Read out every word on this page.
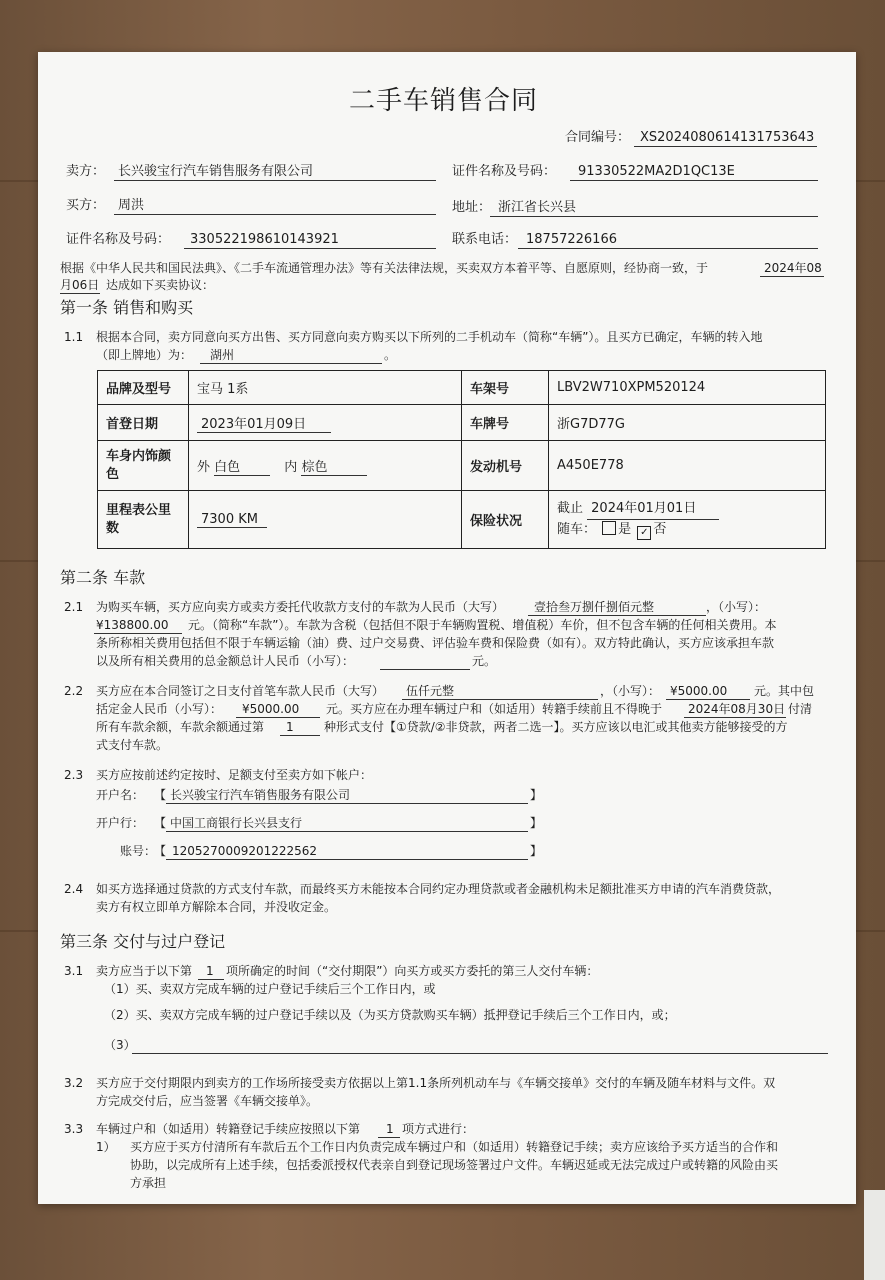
二手车销售合同
合同编号： XS2024080614131753643
卖方： 长兴骏宝行汽车销售服务有限公司	证件名称及号码： 91330522MA2D1QC13E
买方： 周洪	地址： 浙江省长兴县
证件名称及号码： 330522198610143921	联系电话： 18757226166
根据《中华人民共和国民法典》、《二手车流通管理办法》等有关法律法规，买卖双方本着平等、自愿原则，经协商一致，于	2024年08
月06日 达成如下买卖协议：
第一条 销售和购买
1.1 根据本合同，卖方同意向买方出售、买方同意向卖方购买以下所列的二手机动车（简称“车辆”）。且买方已确定，车辆的转入地
（即上牌地）为： 湖州	。
品牌及型号	宝马 1系	车架号	LBV2W710XPM520124
首登日期	2023年01月09日	车牌号	浙G7D77G
车身内饰颜色	外 白色 内 棕色	发动机号	A450E778
里程表公里数	7300 KM	保险状况	截止 2024年01月01日
随车： 是 ✓ 否
第二条 车款
2.1 为购买车辆，买方应向卖方或卖方委托代收款方支付的车款为人民币（大写） 壹拾叁万捌仟捌佰元整	，（小写）：
¥138800.00 元。（简称“车款”）。车款为含税（包括但不限于车辆购置税、增值税）车价，但不包含车辆的任何相关费用。本
条所称相关费用包括但不限于车辆运输（油）费、过户交易费、评估验车费和保险费（如有）。双方特此确认，买方应该承担车款
以及所有相关费用的总金额总计人民币（小写）：	元。
2.2 买方应在本合同签订之日支付首笔车款人民币（大写） 伍仟元整	，（小写）： ¥5000.00 元。其中包
括定金人民币（小写）： ¥5000.00 元。买方应在办理车辆过户和（如适用）转籍手续前且不得晚于 2024年08月30日 付清
所有车款余额，车款余额通过第 1	种形式支付【①贷款/②非贷款，两者二选一】。买方应该以电汇或其他卖方能够接受的方
式支付车款。
2.3 买方应按前述约定按时、足额支付至卖方如下帐户：
开户名： 【 长兴骏宝行汽车销售服务有限公司	】
开户行： 【 中国工商银行长兴县支行	】
账号：
【 1205270009201222562	】
2.4 如买方选择通过贷款的方式支付车款，而最终买方未能按本合同约定办理贷款或者金融机构未足额批准买方申请的汽车消费贷款，
卖方有权立即单方解除本合同，并没收定金。
第三条 交付与过户登记
3.1 卖方应当于以下第 1 项所确定的时间（“交付期限”）向买方或买方委托的第三人交付车辆：
（1）买、卖双方完成车辆的过户登记手续后三个工作日内，或
（2）买、卖双方完成车辆的过户登记手续以及（为买方贷款购买车辆）抵押登记手续后三个工作日内，或；
（3）
3.2 买方应于交付期限内到卖方的工作场所接受卖方依据以上第1.1条所列机动车与《车辆交接单》交付的车辆及随车材料与文件。双
方完成交付后，应当签署《车辆交接单》。
3.3 车辆过户和（如适用）转籍登记手续应按照以下第 1 项方式进行：
1） 买方应于买方付清所有车款后五个工作日内负责完成车辆过户和（如适用）转籍登记手续；卖方应该给予买方适当的合作和
协助，以完成所有上述手续，包括委派授权代表亲自到登记现场签署过户文件。车辆迟延或无法完成过户或转籍的风险由买
方承担
